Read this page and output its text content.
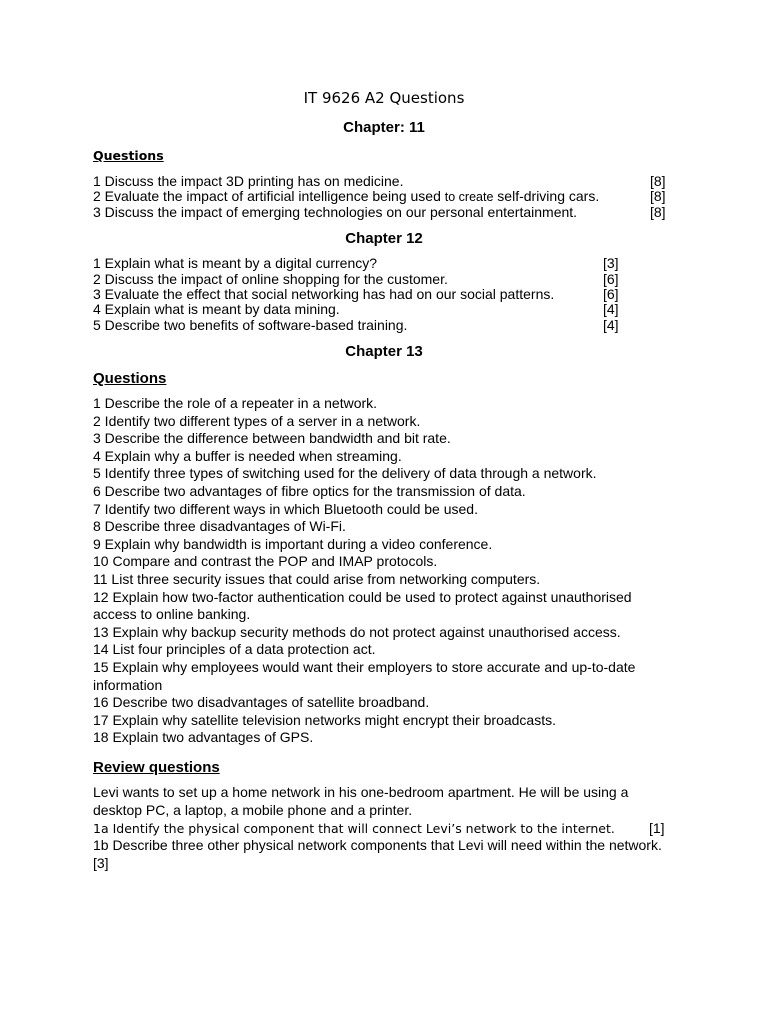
IT 9626 A2 Questions
Chapter: 11
Questions
1 Discuss the impact 3D printing has on medicine.	[8]
2 Evaluate the impact of artificial intelligence being used to create self-driving cars.	[8]
3 Discuss the impact of emerging technologies on our personal entertainment.	[8]
Chapter 12
1 Explain what is meant by a digital currency?	[3]
2 Discuss the impact of online shopping for the customer.	[6]
3 Evaluate the effect that social networking has had on our social patterns.	[6]
4 Explain what is meant by data mining.	[4]
5 Describe two benefits of software-based training.	[4]
Chapter 13
Questions
1 Describe the role of a repeater in a network.
2 Identify two different types of a server in a network.
3 Describe the difference between bandwidth and bit rate.
4 Explain why a buffer is needed when streaming.
5 Identify three types of switching used for the delivery of data through a network.
6 Describe two advantages of fibre optics for the transmission of data.
7 Identify two different ways in which Bluetooth could be used.
8 Describe three disadvantages of Wi-Fi.
9 Explain why bandwidth is important during a video conference.
10 Compare and contrast the POP and IMAP protocols.
11 List three security issues that could arise from networking computers.
12 Explain how two-factor authentication could be used to protect against unauthorised
access to online banking.
13 Explain why backup security methods do not protect against unauthorised access.
14 List four principles of a data protection act.
15 Explain why employees would want their employers to store accurate and up-to-date
information
16 Describe two disadvantages of satellite broadband.
17 Explain why satellite television networks might encrypt their broadcasts.
18 Explain two advantages of GPS.
Review questions
Levi wants to set up a home network in his one-bedroom apartment. He will be using a
desktop PC, a laptop, a mobile phone and a printer.
1a Identify the physical component that will connect Levi’s network to the internet. [1]
1b Describe three other physical network components that Levi will need within the network.
[3]
